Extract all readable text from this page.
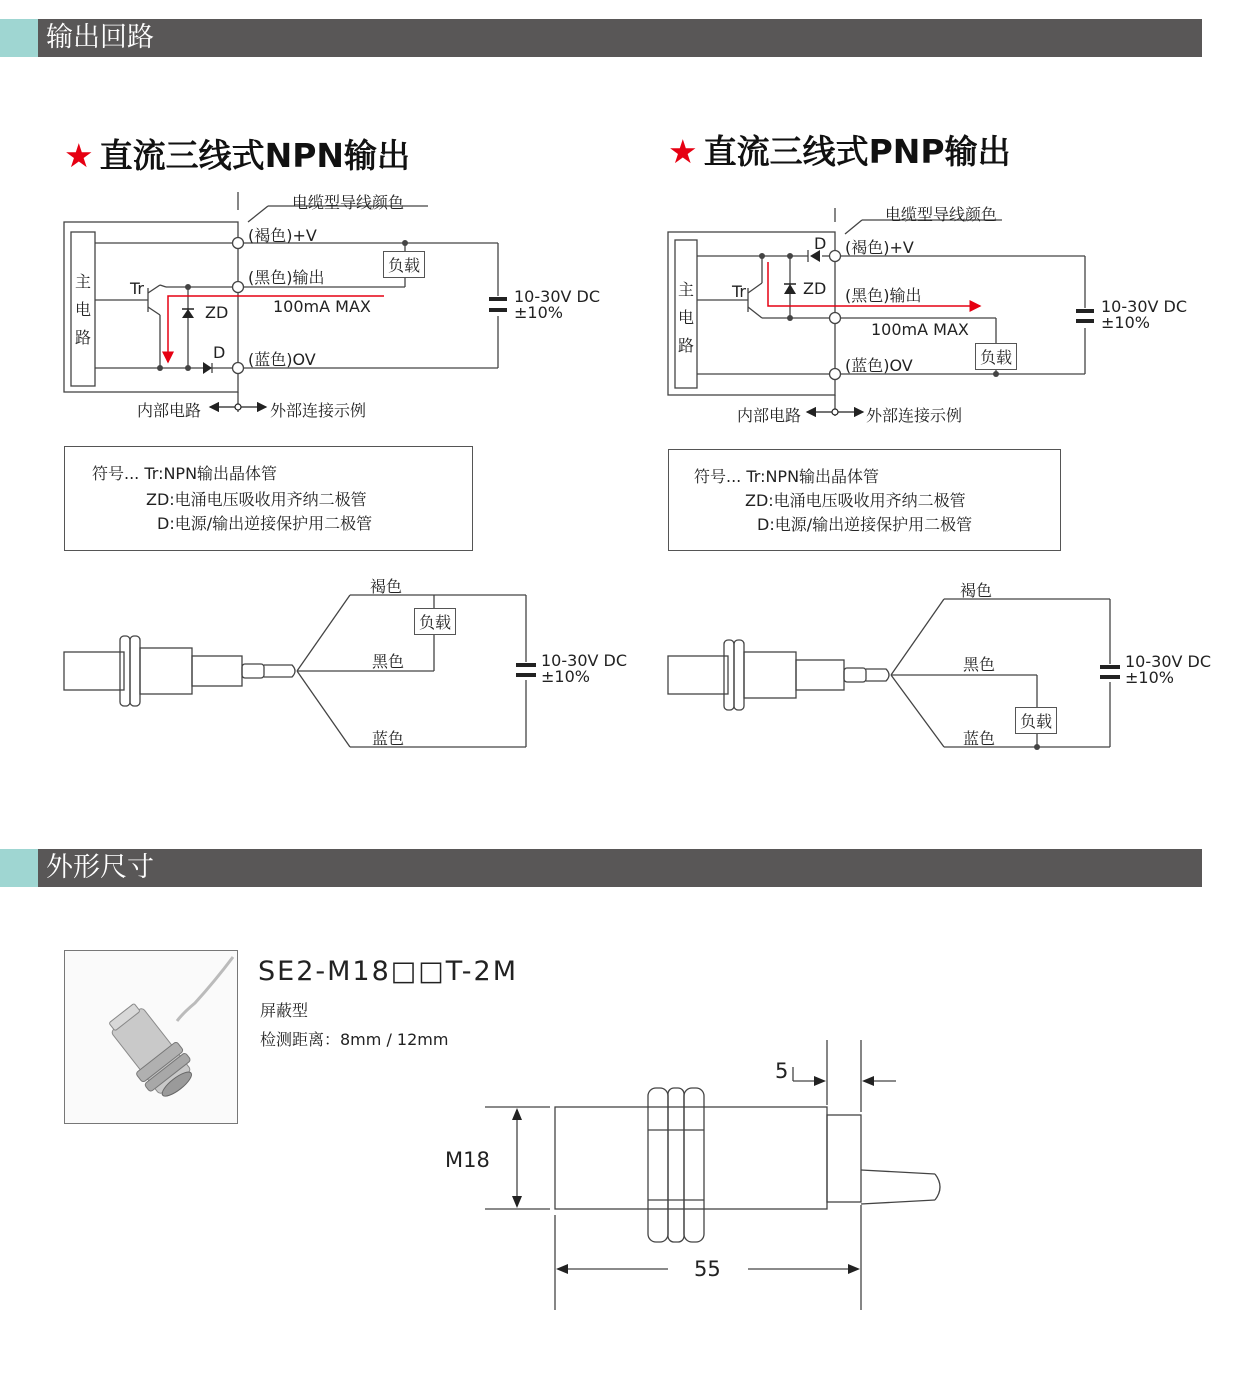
输出回路
★ 直流三线式NPN输出	★ 直流三线式PNP输出
电缆型导线颜色
(褐色)+V
(黑色)输出
(蓝色)OV
主
电
路
Tr
ZD
D
负载
100mA MAX
10-30V DC
±10%
内部电路	外部连接示例
符号... Tr:NPN输出晶体管
ZD:电涌电压吸收用齐纳二极管
D:电源/输出逆接保护用二极管
褐色
负载
黑色
蓝色
10-30V DC
±10%
电缆型导线颜色
(褐色)+V
(黑色)输出
(蓝色)OV
主
电
路
Tr	ZD
D
100mA MAX
负载
10-30V DC
±10%
内部电路	外部连接示例
符号... Tr:NPN输出晶体管
ZD:电涌电压吸收用齐纳二极管
D:电源/输出逆接保护用二极管
褐色
黑色
负载
蓝色
10-30V DC
±10%
外形尺寸
SE2-M18□□T-2M
屏蔽型
检测距离：8mm / 12mm
M18
55
5
